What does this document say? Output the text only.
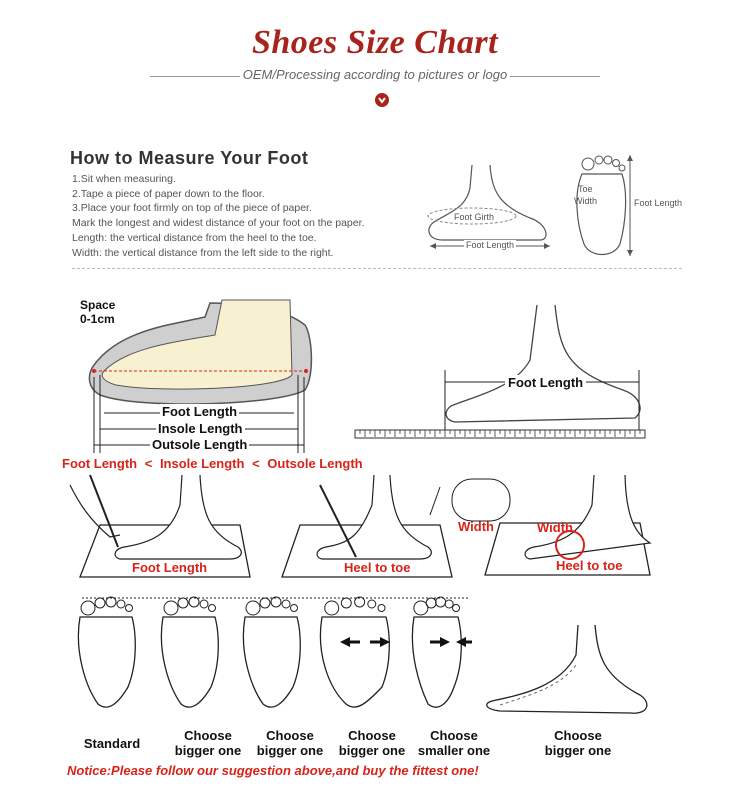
Shoes Size Chart
OEM/Processing according to pictures or logo
How to Measure Your Foot
1.Sit when measuring.
2.Tape a piece of paper down to the floor.
3.Place your foot firmly on top of the piece of paper.
Mark the longest and widest distance of your foot on the paper.
Length: the vertical distance from the heel to the toe.
Width: the vertical distance from the left side to the right.
Foot Girth
Foot Length
Toe
Width	Foot Length
Space
0-1cm
Foot Length
Insole Length
Outsole Length
Foot Length
Foot Length < Insole Length < Outsole Length
Foot Length	Heel to toe
Width	Width
Heel to toe
Standard
Choose
bigger one
Choose
bigger one
Choose
bigger one
Choose
smaller one
Choose
bigger one
Notice:Please follow our suggestion above,and buy the fittest one!
